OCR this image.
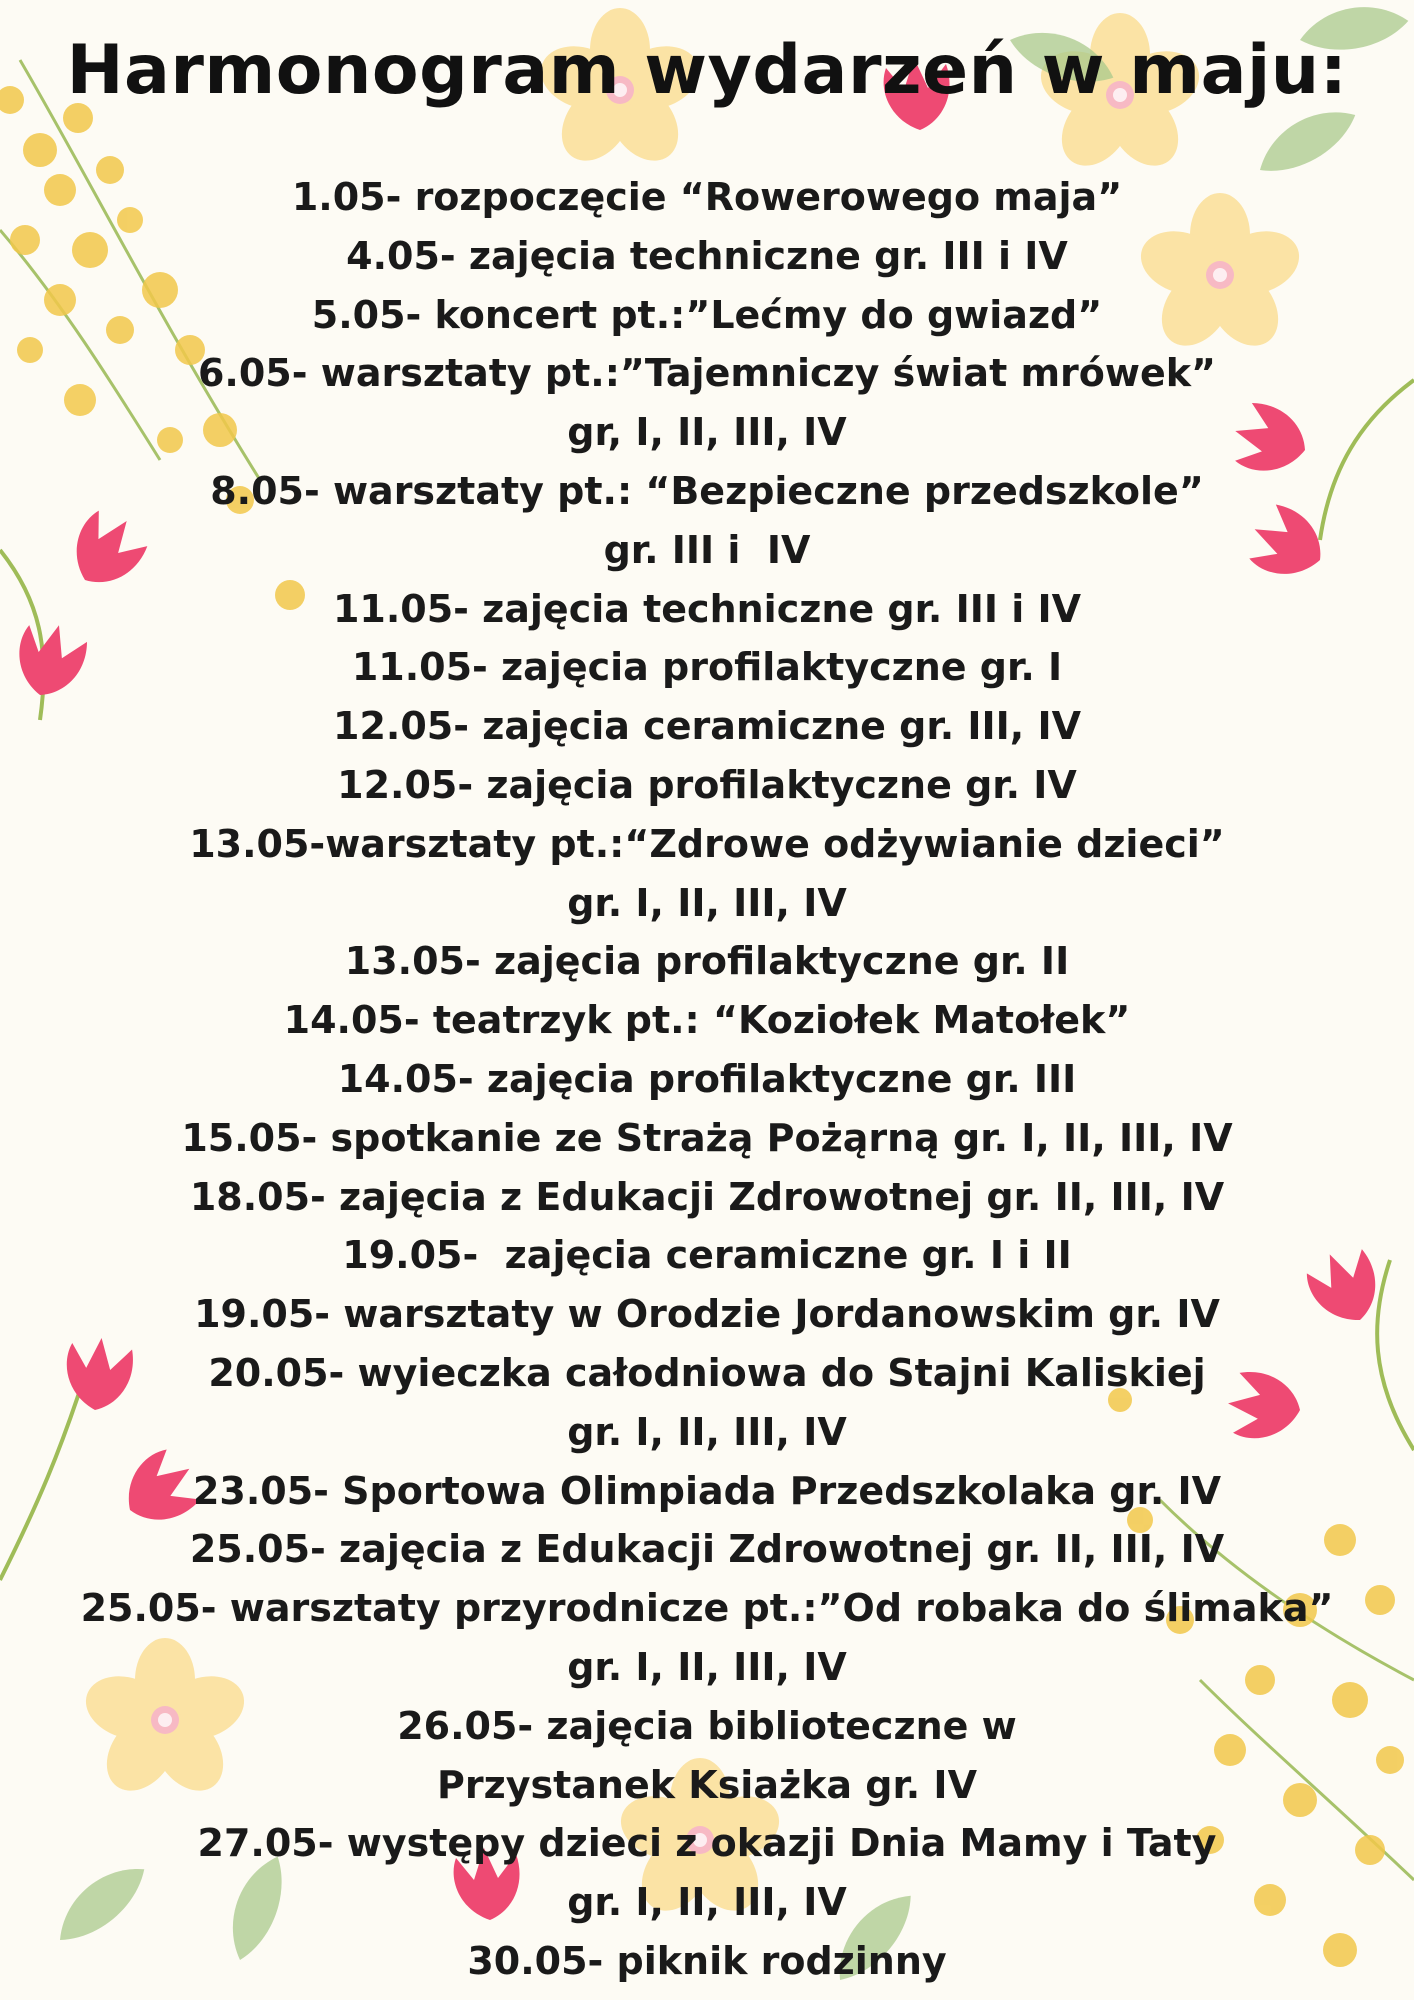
Harmonogram wydarzeń w maju:
1.05- rozpoczęcie “Rowerowego maja”
4.05- zajęcia techniczne gr. III i IV
5.05- koncert pt.:”Lećmy do gwiazd”
6.05- warsztaty pt.:”Tajemniczy świat mrówek”
gr, I, II, III, IV
8.05- warsztaty pt.: “Bezpieczne przedszkole”
gr. III i  IV
11.05- zajęcia techniczne gr. III i IV
11.05- zajęcia profilaktyczne gr. I
12.05- zajęcia ceramiczne gr. III, IV
12.05- zajęcia profilaktyczne gr. IV
13.05-warsztaty pt.:“Zdrowe odżywianie dzieci”
gr. I, II, III, IV
13.05- zajęcia profilaktyczne gr. II
14.05- teatrzyk pt.: “Koziołek Matołek”
14.05- zajęcia profilaktyczne gr. III
15.05- spotkanie ze Strażą Pożąrną gr. I, II, III, IV
18.05- zajęcia z Edukacji Zdrowotnej gr. II, III, IV
19.05-  zajęcia ceramiczne gr. I i II
19.05- warsztaty w Orodzie Jordanowskim gr. IV
20.05- wyieczka całodniowa do Stajni Kaliskiej
gr. I, II, III, IV
23.05- Sportowa Olimpiada Przedszkolaka gr. IV
25.05- zajęcia z Edukacji Zdrowotnej gr. II, III, IV
25.05- warsztaty przyrodnicze pt.:”Od robaka do ślimaka”
gr. I, II, III, IV
26.05- zajęcia biblioteczne w
Przystanek Ksiażka gr. IV
27.05- występy dzieci z okazji Dnia Mamy i Taty
gr. I, II, III, IV
30.05- piknik rodzinny
